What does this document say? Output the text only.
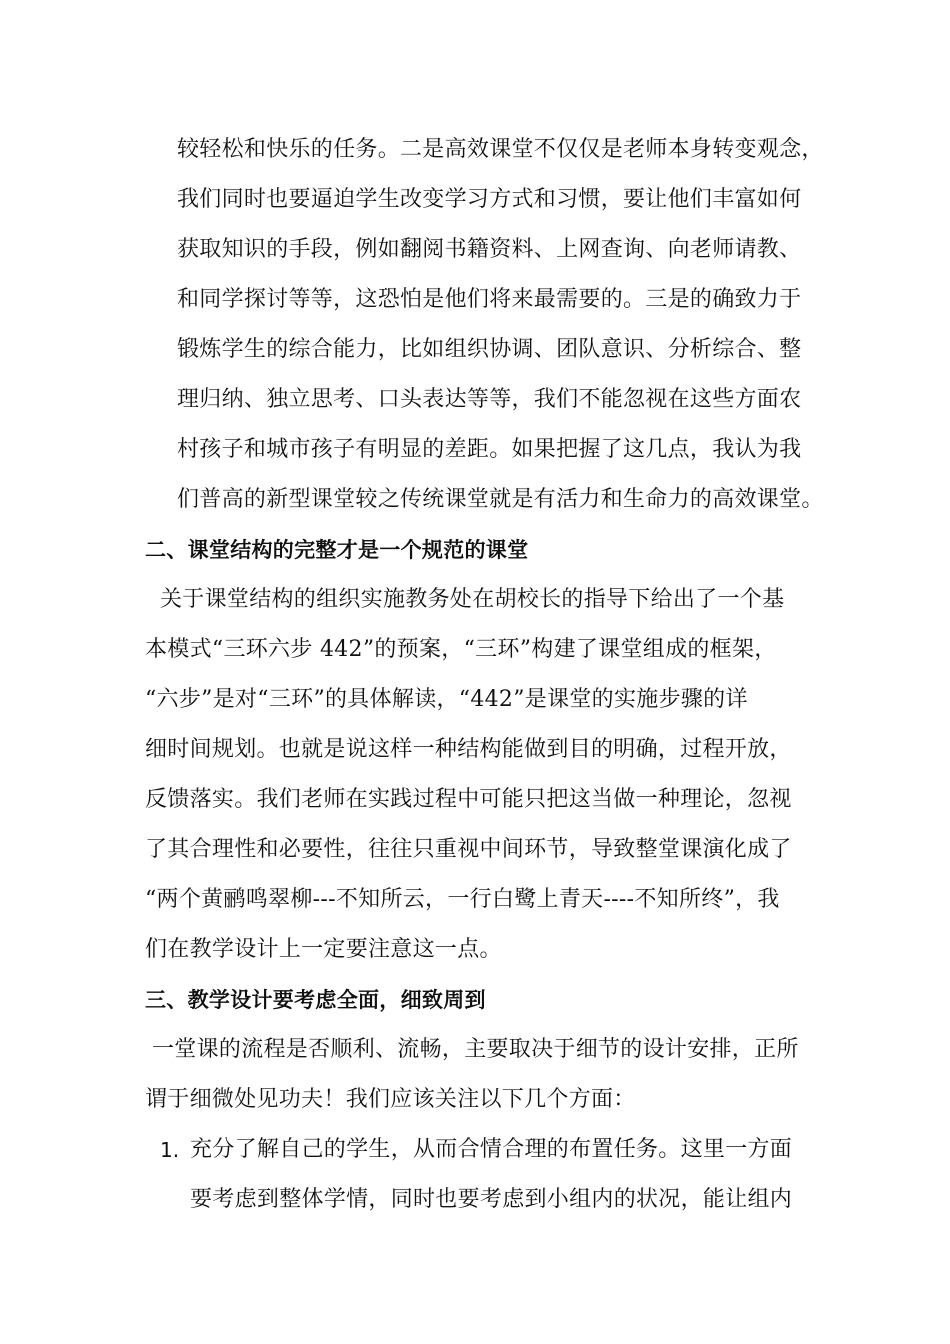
较轻松和快乐的任务。二是高效课堂不仅仅是老师本身转变观念，
我们同时也要逼迫学生改变学习方式和习惯，要让他们丰富如何
获取知识的手段，例如翻阅书籍资料、上网查询、向老师请教、
和同学探讨等等，这恐怕是他们将来最需要的。三是的确致力于
锻炼学生的综合能力，比如组织协调、团队意识、分析综合、整
理归纳、独立思考、口头表达等等，我们不能忽视在这些方面农
村孩子和城市孩子有明显的差距。如果把握了这几点，我认为我
们普高的新型课堂较之传统课堂就是有活力和生命力的高效课堂。
二、课堂结构的完整才是一个规范的课堂
关于课堂结构的组织实施教务处在胡校长的指导下给出了一个基
本模式“三环六步 442”的预案，“三环”构建了课堂组成的框架，
“六步”是对“三环”的具体解读，“442”是课堂的实施步骤的详
细时间规划。也就是说这样一种结构能做到目的明确，过程开放，
反馈落实。我们老师在实践过程中可能只把这当做一种理论，忽视
了其合理性和必要性，往往只重视中间环节，导致整堂课演化成了
“两个黄鹂鸣翠柳---不知所云，一行白鹭上青天----不知所终”，我
们在教学设计上一定要注意这一点。
三、教学设计要考虑全面，细致周到
一堂课的流程是否顺利、流畅，主要取决于细节的设计安排，正所
谓于细微处见功夫！我们应该关注以下几个方面：
1. 充分了解自己的学生，从而合情合理的布置任务。这里一方面
要考虑到整体学情，同时也要考虑到小组内的状况，能让组内
